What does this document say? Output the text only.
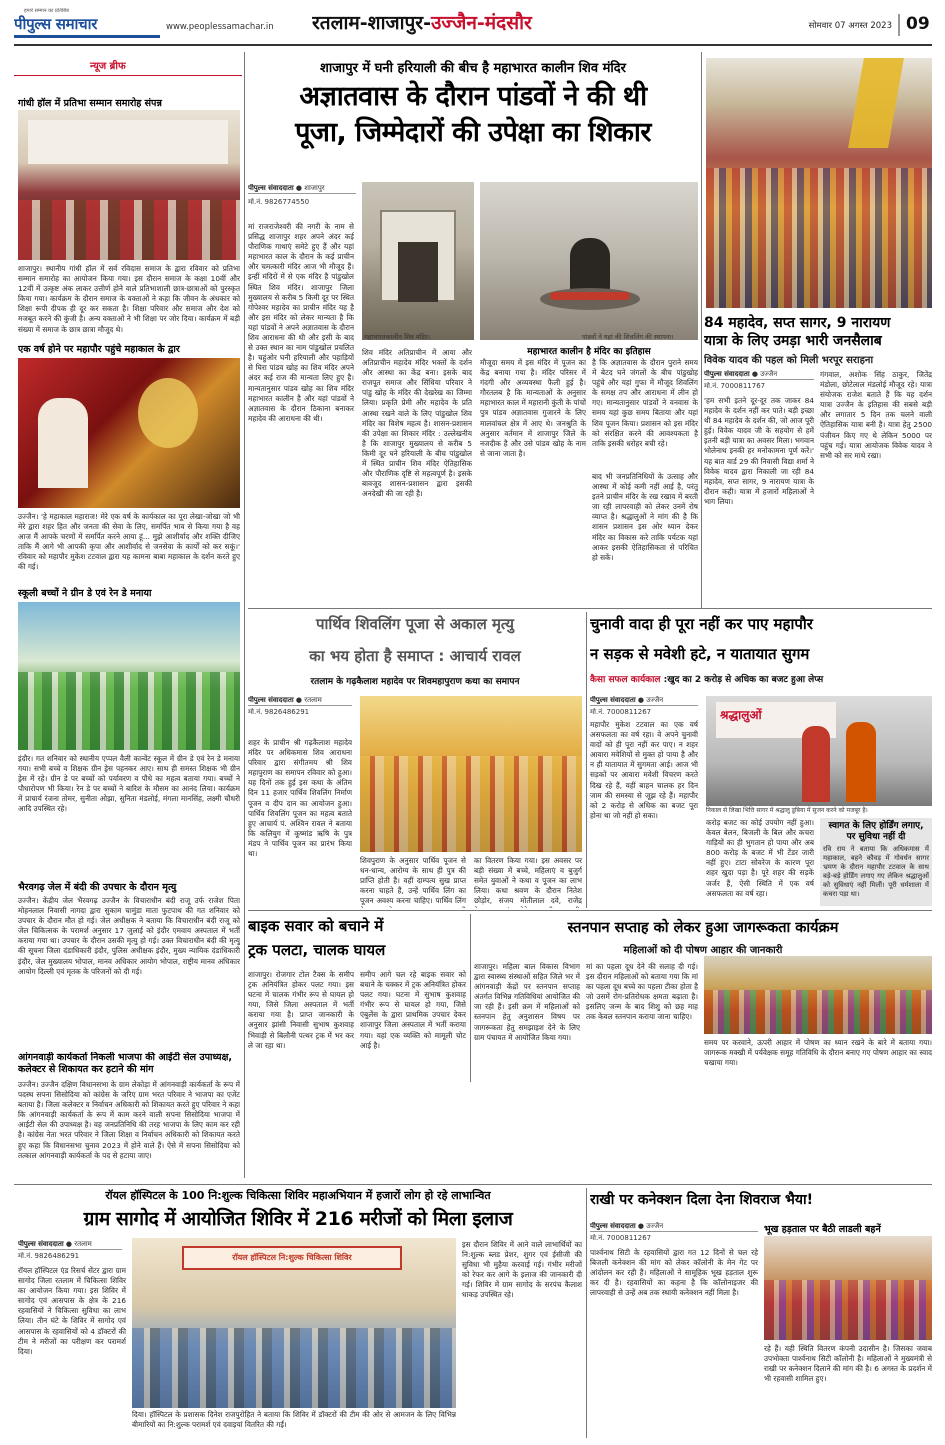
हमारे सम्मान का प्रतिबिंब
पीपुल्स समाचार	www.peoplessamachar.in	रतलाम-शाजापुर-उज्जैन-मंदसौर	सोमवार 07 अगस्त 2023 09
न्यूज ब्रीफ
गांधी हॉल में प्रतिभा सम्मान समारोह संपन्न
शाजापुर। स्थानीय गांधी हॉल में सर्व रविदास समाज के द्वारा रविवार को प्रतिभा सम्मान समारोह का आयोजन किया गया। इस दौरान समाज के कक्षा 10वीं और 12वीं में उत्कृष्ट अंक लाकर उत्तीर्ण होने वाले प्रतिभाशाली छात्र-छात्राओं को पुरस्कृत किया गया। कार्यक्रम के दौरान समाज के वक्ताओं ने कहा कि जीवन के अंधकार को शिक्षा रूपी दीपक ही दूर कर सकता है। शिक्षा परिवार और समाज और देश को मजबूत करने की कुंजी है। अन्य वक्ताओं ने भी शिक्षा पर जोर दिया। कार्यक्रम में बड़ी संख्या में समाज के छात्र छात्रा मौजूद थे।
एक वर्ष होने पर महापौर पहुंचे महाकाल के द्वार
उज्जैन। 'हे महाकाल महाराज! मेरे एक वर्ष के कार्यकाल का पूरा लेखा-जोखा जो भी मेरे द्वारा शहर हित और जनता की सेवा के लिए, समर्पित भाव से किया गया है वह आज मैं आपके चरणों में समर्पित करने आया हूं... मुझे आशीर्वाद और शक्ति दीजिए ताकि मैं आगे भी आपकी कृपा और आशीर्वाद से जनसेवा के कार्यों को कर सकूं।' रविवार को महापौर मुकेश टटवाल द्वारा यह कामना बाबा महाकाल के दर्शन करते हुए की गई।
स्कूली बच्चों ने ग्रीन डे एवं रेन डे मनाया
इंदौर। गत शनिवार को स्थानीय एप्पल वैली कान्वेंट स्कूल में ग्रीन डे एवं रेन डे मनाया गया। सभी बच्चे व शिक्षक ग्रीन ड्रेस पहनकर आए। साथ ही समस्त शिक्षक भी ग्रीन ड्रेस में रहे। ग्रीन डे पर बच्चों को पर्यावरण व पौधे का महत्व बताया गया। बच्चों ने पौधारोपण भी किया। रेन डे पर बच्चों ने बारिश के मौसम का आनंद लिया। कार्यक्रम में प्राचार्य रंजना तोमर, सुनीता ओझा, सुनिता मंडलोई, मंगला मानसिंह, लक्ष्मी चौधरी आदि उपस्थित रहे।
भैरवगढ़ जेल में बंदी की उपचार के दौरान मृत्यु
उज्जैन। केंद्रीय जेल भैरवगढ़ उज्जैन के विचाराधीन बंदी राजू उर्फ राजेश पिता मोहनलाल निवासी नागदा द्वारा सुकाम चामुंडा माता फुटपाथ की गत शनिवार को उपचार के दौरान मौत हो गई। जेल अधीक्षक ने बताया कि विचाराधीन बंदी राजू को जेल चिकित्सक के परामर्श अनुसार 17 जुलाई को इंदौर एमवाय अस्पताल में भर्ती कराया गया था। उपचार के दौरान उसकी मृत्यु हो गई। उक्त विचाराधीन बंदी की मृत्यु की सूचना जिला दंडाधिकारी इंदौर, पुलिस अधीक्षक इंदौर, मुख्य न्यायिक दंडाधिकारी इंदौर, जेल मुख्यालय भोपाल, मानव अधिकार आयोग भोपाल, राष्ट्रीय मानव अधिकार आयोग दिल्ली एवं मृतक के परिजनों को दी गई।
आंगनवाड़ी कार्यकर्ता निकली भाजपा की आईटी सेल उपाध्यक्ष, कलेक्टर से शिकायत कर हटाने की मांग
उज्जैन। उज्जैन दक्षिण विधानसभा के ग्राम लेकोड़ा में आंगनवाड़ी कार्यकर्ता के रूप में पदस्थ सपना सिसोदिया को कांग्रेस के जरिए ग्राम भरत परिवार ने भाजपा का एजेंट बताया है। जिला कलेक्टर व निर्वाचन अधिकारी को शिकायत करते हुए परिवार ने कहा कि आंगनवाड़ी कार्यकर्ता के रूप में काम करने वाली सपना सिसोदिया भाजपा में आईटी सेल की उपाध्यक्ष है। वह जनप्रतिनिधि की तरह भाजपा के लिए काम कर रही है। कांग्रेस नेता भरत परिवार ने जिला शिक्षा व निर्वाचन अधिकारी को शिकायत करते हुए कहा कि विधानसभा चुनाव 2023 में होने वाले हैं। ऐसे में सपना सिसोदिया को तत्काल आंगनवाड़ी कार्यकर्ता के पद से हटाया जाए।
शाजापुर में घनी हरियाली की बीच है महाभारत कालीन शिव मंदिर
अज्ञातवास के दौरान पांडवों ने की थी
पूजा, जिम्मेदारों की उपेक्षा का शिकार
पीपुल्स संवाददाता ● शाजापुर
मो.नं. 9826774550
मां राजराजेश्वरी की नगरी के नाम से प्रसिद्ध शाजापुर शहर अपने अंदर कई पौराणिक गाथाएं समेटे हुए हैं और यहां महाभारत काल के दौरान के कई प्राचीन और चमत्कारी मंदिर आज भी मौजूद हैं। इन्हीं मंदिरों में से एक मंदिर है पांडुखोल स्थित शिव मंदिर। शाजापुर जिला मुख्यालय से करीब 5 किमी दूर पर स्थित गोपेश्वर महादेव का प्राचीन मंदिर यह है और इस मंदिर को लेकर मान्यता है कि यहां पांडवों ने अपने अज्ञातवास के दौरान शिव आराधना की थी और इसी के बाद से उक्त स्थान का नाम पांडुखोल प्रचलित है। चहुंओर घनी हरियाली और पहाड़ियों से घिरा पांडव खोह का शिव मंदिर अपने अंदर कई राज की मान्यता लिए हुए है। मान्यतानुसार पांडव खोह का शिव मंदिर महाभारत कालीन है और यहां पांडवों ने अज्ञातवास के दौरान ठिकाना बनाकर महादेव की आराधना की थी।
शिव मंदिर अतिप्राचीन में आया और अतिप्राचीन महादेव मंदिर भक्तों के दर्शन और आस्था का केंद्र बना। इसके बाद राजपूत समाज और सिंधिया परिवार ने पांडु खोह के मंदिर की देखरेख का जिम्मा लिया। प्रकृति प्रेमी और महादेव के प्रति आस्था रखने वाले के लिए पांडुखोल शिव मंदिर का विशेष महत्व है। शासन-प्रशासन की उपेक्षा का शिकार मंदिर : उल्लेखनीय है कि शाजापुर मुख्यालय से करीब 5 किमी दूर घने हरियाली के बीच पांडुखोल में स्थित प्राचीन शिव मंदिर ऐतिहासिक और पौराणिक दृष्टि से महत्वपूर्ण है। इसके बावजूद शासन-प्रशासन द्वारा इसकी अनदेखी की जा रही है।
महाभारतकालीन शिव मंदिर।	पांडवों ने यहां की शिवलिंग की स्थापना।
महाभारत कालीन है मंदिर का इतिहास
मौजूदा समय में इस मंदिर में पूजन का केंद्र बनाया गया है। मंदिर परिसर में गंदगी और अव्यवस्था फैली हुई है। गौरतलब है कि मान्यताओं के अनुसार महाभारत काल में महारानी कुंती के पांचों पुत्र पांडव अज्ञातवास गुजारने के लिए मालवांचल क्षेत्र में आए थे। जनश्रुति के अनुसार वर्तमान में शाजापुर जिले के नजदीक है और उसे पांडव खोह के नाम से जाना जाता है।
है कि अज्ञातवास के दौरान पुराने समय में बेटद घने जंगलों के बीच पांडुखोह पहुंचे और यहां गुफा में मौजूद शिवलिंग के समक्ष तप और आराधना में लीन हो गए। मान्यतानुसार पांडवों ने वनवास के समय यहां कुछ समय बिताया और यहां शिव पूजन किया। प्रशासन को इस मंदिर को संरक्षित करने की आवश्यकता है ताकि इसकी धरोहर बची रहे।
बाद भी जनप्रतिनिधियों के उत्साह और आस्था में कोई कमी नहीं आई है, परंतु इतने प्राचीन मंदिर के रख रखाव में बरती जा रही लापरवाही को लेकर उनमें रोष व्याप्त है। श्रद्धालुओं ने मांग की है कि शासन प्रशासन इस ओर ध्यान देकर मंदिर का विकास करे ताकि पर्यटक यहां आकर इसकी ऐतिहासिकता से परिचित हो सकें।
84 महादेव, सप्त सागर, 9 नारायण
यात्रा के लिए उमड़ा भारी जनसैलाब
विवेक यादव की पहल को मिली भरपूर सराहना
पीपुल्स संवाददाता ● उज्जैन
मो.नं. 7000811767
'हम सभी इतने दूर-दूर तक जाकर 84 महादेव के दर्शन नहीं कर पाते। बड़ी इच्छा थी 84 महादेव के दर्शन की, जो आज पूरी हुई। विवेक यादव जी के सहयोग से हमें इतनी बड़ी यात्रा का अवसर मिला। भगवान भोलेनाथ इनकी हर मनोकामना पूर्ण करें।' यह बात वार्ड 29 की निवासी विद्या शर्मा ने विवेक यादव द्वारा निकाली जा रही 84 महादेव, सप्त सागर, 9 नारायण यात्रा के दौरान कही। यात्रा में हजारों महिलाओं ने भाग लिया।
गंगवाल, अशोक सिंह ठाकुर, जितेंद्र मंडोला, छोटेलाल मंडलोई मौजूद रहे। यात्रा संयोजक राजेश बताते हैं कि यह दर्शन यात्रा उज्जैन के इतिहास की सबसे बड़ी और लगातार 5 दिन तक चलने वाली ऐतिहासिक यात्रा बनी है। यात्रा हेतु 2500 पंजीयन किए गए थे लेकिन 5000 पर पहुंच गई। यात्रा आयोजक विवेक यादव ने सभी को सर माथे रखा।
पार्थिव शिवलिंग पूजा से अकाल मृत्यु
का भय होता है समाप्त : आचार्य रावल
रतलाम के गढ़कैलाश महादेव पर शिवमहापुराण कथा का समापन
पीपुल्स संवाददाता ● रतलाम
मो.नं. 9826486291
शहर के प्राचीन श्री गढ़कैलाश महादेव मंदिर पर अधिकमास शिव आराधना परिवार द्वारा संगीतमय श्री शिव महापुराण का समापन रविवार को हुआ। यह दिनों तक हुई इस कथा के अंतिम दिन 11 हजार पार्थिव शिवलिंग निर्माण पूजन व दीप दान का आयोजन हुआ। पार्थिव शिवलिंग पूजन का महत्व बताते हुए आचार्य पं. अश्विन रावल ने बताया कि कलियुग में कूष्मांड ऋषि के पुत्र मंडप ने पार्थिव पूजन का प्रारंभ किया था।
शिवपुराण के अनुसार पार्थिव पूजन से धन-धान्य, आरोग्य के साथ ही पुत्र की प्राप्ति होती है। वहीं दाम्पत्य सुख प्राप्त करना चाहते हैं, उन्हें पार्थिव लिंग का पूजन अवश्य करना चाहिए। पार्थिव लिंग
का वितरण किया गया। इस अवसर पर बड़ी संख्या में बच्चे, महिलाएं व बुजुर्ग समेत युवाओं ने कथा व पूजन का लाभ लिया। कथा श्रवण के दौरान नितेश छोड़ोर, संजय मोतीलाल दवे, राजेंद्र
चुनावी वादा ही पूरा नहीं कर पाए महापौर
न सड़क से मवेशी हटे, न यातायात सुगम
कैसा सफल कार्यकाल :खुद का 2 करोड़ से अधिक का बजट हुआ लेप्स
पीपुल्स संवाददाता ● उज्जैन
मो.नं. 7000811267
महापौर मुकेश टटवाल का एक वर्ष असफलता का वर्ष रहा। वे अपने चुनावी वादों को ही पूरा नहीं कर पाए। न शहर आवारा मवेशियों से मुक्त हो पाया है और न ही यातायात में सुगमता आई। आज भी सड़कों पर आवारा मवेशी विचरण करते दिख रहे हैं, वहीं बाहन चालक हर दिन जाम की समस्या से जूझ रहे हैं। महापौर को 2 करोड़ से अधिक का बजट पूरा होना था जो नहीं हो सका।
श्रद्धालुओं
निकाल से लिखा भित्ति सागर में श्रद्धालु डूबिया में सुजन करने को मजबूर है।
करोड़ बजट का कोई उपयोग नहीं हुआ। केवल बेलन, बिजली के बिल और कचरा गाड़ियों का ही भुगतान हो पाया और अब 800 करोड़ के बजट में भी टेंडर जारी नहीं हुए। टाटा सोवरेज के कारण पूरा शहर खुदा पड़ा है। पूरे शहर की सड़कें जर्जर हैं, ऐसी स्थिति में एक वर्ष असफलता का वर्ष रहा।
स्वागत के लिए होर्डिंग लगाए, पर सुविधा नहीं दी
रवि राय ने बताया कि अधिकमास में महाकाल, बहने कौवड़ में गोवर्धन सागर भ्रमण के दौरान महापौर टटवाल के साथ बड़े-बड़े होर्डिंग लगाए गए लेकिन श्रद्धालुओं को सुविधाएं नहीं मिलीं। पूरी धर्मशाला में कचरा पड़ा था।
बाइक सवार को बचाने में
ट्रक पलटा, चालक घायल
शाजापुर। रोजगार टोल टैक्स के समीप ट्रक अनियंत्रित होकर पलट गया। इस घटना में चालक गंभीर रूप से घायल हो गया, जिसे जिला अस्पताल में भर्ती कराया गया है। प्राप्त जानकारी के अनुसार झांसी निवासी सुभाष कुशवाह भिवाड़ी से बिलौनी पत्थर ट्रक में भर कर ले जा रहा था।
समीप आगे चल रहे बाइक सवार को बचाने के चक्कर में ट्रक अनियंत्रित होकर पलट गया। घटना में सुभाष कुशवाह गंभीर रूप से घायल हो गया, जिसे एंबुलेंस के द्वारा प्राथमिक उपचार देकर शाजापुर जिला अस्पताल में भर्ती कराया गया। यहां एक व्यक्ति को मामूली चोट आई है।
स्तनपान सप्ताह को लेकर हुआ जागरूकता कार्यक्रम
महिलाओं को दी पोषण आहार की जानकारी
शाजापुर। महिला बाल विकास विभाग द्वारा स्वास्थ्य संस्थाओं सहित जिले भर में आंगनवाड़ी केंद्रों पर स्तनपान सप्ताह अंतर्गत विभिन्न गतिविधियां आयोजित की जा रही हैं। इसी क्रम में महिलाओं को स्तनपान हेतु अनुशासन विषय पर जागरूकता हेतु समझाइश देने के लिए ग्राम पंचायत में आयोजित किया गया।
मां का पहला दूध देने की सलाह दी गई। इस दौरान महिलाओं को बताया गया कि मां का पहला दूध बच्चे का पहला टीका होता है जो उसमें रोग-प्रतिरोधक क्षमता बढ़ाता है। इसलिए जन्म के बाद शिशु को छह माह तक केवल स्तनपान कराया जाना चाहिए।
समय पर करवाने, ऊपरी आहार में पोषण का ध्यान रखने के बारे में बताया गया। जागरूक मक्खी में पर्यवेक्षक समूह गतिविधि के दौरान बनाए गए पोषण आहार का स्वाद चखाया गया।
रॉयल हॉस्पिटल के 100 नि:शुल्क चिकित्सा शिविर महाअभियान में हजारों लोग हो रहे लाभान्वित
ग्राम सागोद में आयोजित शिविर में 216 मरीजों को मिला इलाज
पीपुल्स संवाददाता ● रतलाम
मो.नं. 9826486291
रॉयल हॉस्पिटल एंड रिसर्च सेंटर द्वारा ग्राम सागोद जिला रतलाम में चिकित्सा शिविर का आयोजन किया गया। इस शिविर में सागोद एवं आसपास के क्षेत्र के 216 रहवासियों ने चिकित्सा सुविधा का लाभ लिया। तीन घंटे के शिविर में सागोद एवं आसपास के रहवासियों को 4 डॉक्टरों की टीम ने मरीजों का परीक्षण कर परामर्श दिया।
रॉयल हॉस्पिटल नि:शुल्क चिकित्सा शिविर
दिया। हॉस्पिटल के प्रशासक दिनेश राजपुरोहित ने बताया कि शिविर में डॉक्टरों की टीम की ओर से आमजन के लिए विभिन्न बीमारियों का नि:शुल्क परामर्श एवं दवाइयां वितरित की गईं।
इस दौरान शिविर में आने वाले लाभार्थियों का नि:शुल्क ब्लड प्रेशर, शुगर एवं ईसीजी की सुविधा भी मुहैया करवाई गई। गंभीर मरीजों को रेफर कर आगे के इलाज की जानकारी दी गई। शिविर में ग्राम सागोद के सरपंच कैलाश धाकड़ उपस्थित रहे।
राखी पर कनेक्शन दिला देना शिवराज भैया!
पीपुल्स संवाददाता ● उज्जैन
मो.नं. 7000811267
पार्श्वनाथ सिटी के रहवासियों द्वारा गत 12 दिनों से चल रहे बिजली कनेक्शन की मांग को लेकर कॉलोनी के मेन गेट पर आंदोलन कर रही हैं। महिलाओं ने सामूहिक भूख हड़ताल शुरू कर दी है। रहवासियों का कहना है कि कॉलोनाइजर की लापरवाही से उन्हें अब तक स्थायी कनेक्शन नहीं मिला है।
भूख हड़ताल पर बैठी लाडली बहनें
रहे हैं। यही स्थिति वितरण कंपनी उदासीन है। जिसका जवाब उपभोक्ता पार्श्वनाथ सिटी कॉलोनी है। महिलाओं ने मुख्यमंत्री से राखी पर कनेक्शन दिलाने की मांग की है। 6 अगस्त के प्रदर्शन में भी रहवासी शामिल हुए।
